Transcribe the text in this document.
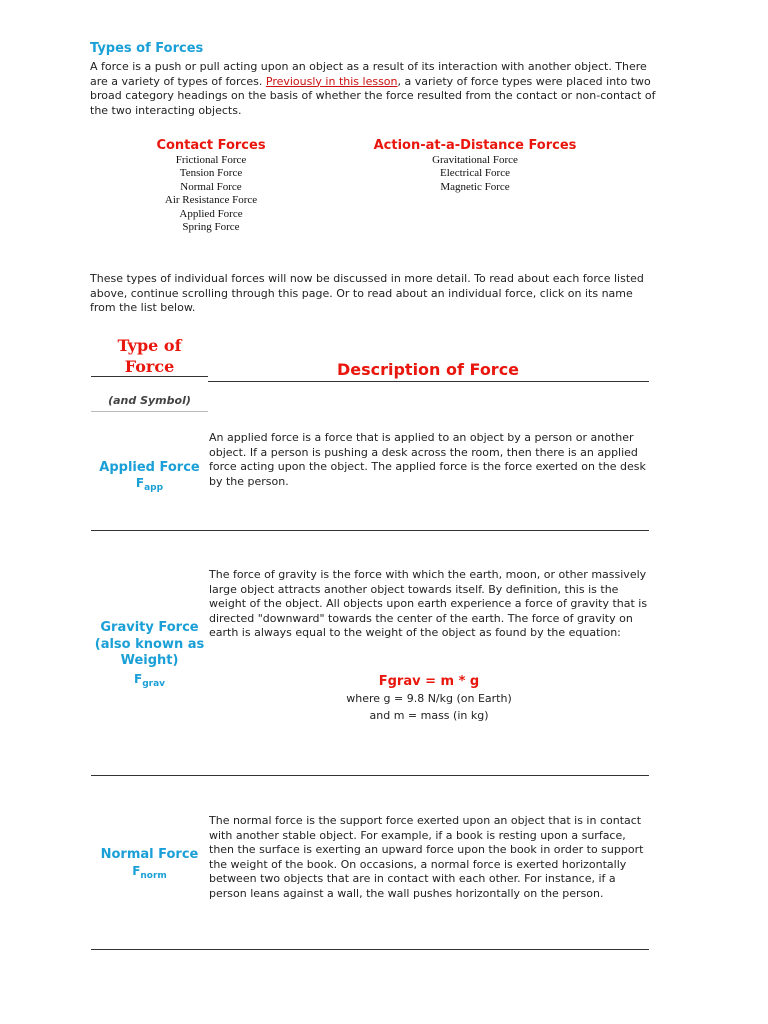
Types of Forces
A force is a push or pull acting upon an object as a result of its interaction with another object. There are a variety of types of forces. Previously in this lesson, a variety of force types were placed into two broad category headings on the basis of whether the force resulted from the contact or non-contact of the two interacting objects.
Contact Forces
Frictional Force
Tension Force
Normal Force
Air Resistance Force
Applied Force
Spring Force
Action-at-a-Distance Forces
Gravitational Force
Electrical Force
Magnetic Force
These types of individual forces will now be discussed in more detail. To read about each force listed above, continue scrolling through this page. Or to read about an individual force, click on its name from the list below.
Type of
Force	Description of Force
(and Symbol)
Applied Force
$F_{app}$
An applied force is a force that is applied to an object by a person or another object. If a person is pushing a desk across the room, then there is an applied force acting upon the object. The applied force is the force exerted on the desk by the person.
Gravity Force
(also known as
Weight)
$F_{grav}$
The force of gravity is the force with which the earth, moon, or other massively large object attracts another object towards itself. By definition, this is the weight of the object. All objects upon earth experience a force of gravity that is directed "downward" towards the center of the earth. The force of gravity on earth is always equal to the weight of the object as found by the equation:
Fgrav = m * g
where g = 9.8 N/kg (on Earth)
and m = mass (in kg)
Normal Force
$F_{norm}$
The normal force is the support force exerted upon an object that is in contact with another stable object. For example, if a book is resting upon a surface, then the surface is exerting an upward force upon the book in order to support the weight of the book. On occasions, a normal force is exerted horizontally between two objects that are in contact with each other. For instance, if a person leans against a wall, the wall pushes horizontally on the person.
